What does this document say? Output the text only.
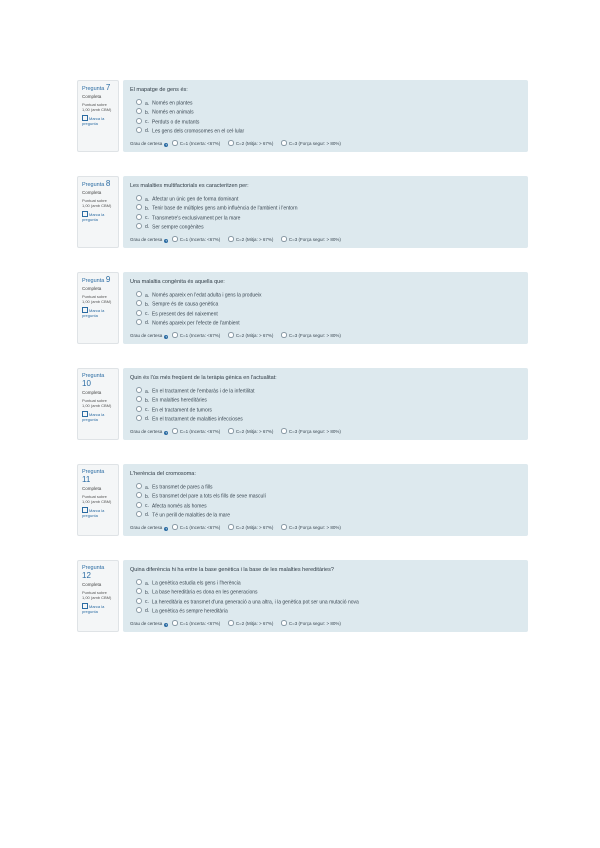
Pregunta 7
Completa
Puntuat sobre 1,00 (amb CBM)
Marca la pregunta

El mapatge de gens és:

a. Només en plantes
b. Només en animals
c. Perduts o de mutants
d. Les gens dels cromosomes en el cel·lular
Grau de certesa ?	C=1 (Incerta: <67%)	C=2 (Mitja: > 67%)	C=3 (Força segur: > 80%)
Pregunta 8
Completa
Puntuat sobre 1,00 (amb CBM)
Marca la pregunta

Les malalties multifactorials es caracteritzen per:

a. Afectar un únic gen de forma dominant
b. Tenir base de múltiples gens amb influència de l'ambient i l'entorn
c. Transmetre's exclusivament per la mare
d. Ser sempre congènites
Grau de certesa ?	C=1 (Incerta: <67%)	C=2 (Mitja: > 67%)	C=3 (Força segur: > 80%)
Pregunta 9
Completa
Puntuat sobre 1,00 (amb CBM)
Marca la pregunta

Una malaltia congènita és aquella que:

a. Només apareix en l'edat adulta i gens la produeix
b. Sempre és de causa genètica
c. Es present des del naixement
d. Només apareix per l'efecte de l'ambient
Grau de certesa ?	C=1 (Incerta: <67%)	C=2 (Mitja: > 67%)	C=3 (Força segur: > 80%)
Pregunta 10
Completa
Puntuat sobre 1,00 (amb CBM)
Marca la pregunta

Quin és l'ús més freqüent de la teràpia gènica en l'actualitat:

a. En el tractament de l'embaràs i de la infertilitat
b. En malalties hereditàries
c. En el tractament de tumors
d. En el tractament de malalties infeccioses
Grau de certesa ?	C=1 (Incerta: <67%)	C=2 (Mitja: > 67%)	C=3 (Força segur: > 80%)
Pregunta 11
Completa
Puntuat sobre 1,00 (amb CBM)
Marca la pregunta

L'herència del cromosoma:

a. Es transmet de pares a fills
b. Es transmet del pare a tots els fills de sexe masculí
c. Afecta només als homes
d. Té un perill de malalties de la mare
Grau de certesa ?	C=1 (Incerta: <67%)	C=2 (Mitja: > 67%)	C=3 (Força segur: > 80%)
Pregunta 12
Completa
Puntuat sobre 1,00 (amb CBM)
Marca la pregunta

Quina diferència hi ha entre la base genètica i la base de les malalties hereditàries?

a. La genètica estudia els gens i l'herència
b. La base hereditària es dona en les generacions
c. La hereditària es transmet d'una generació a una altra, i la genètica pot ser una mutació nova
d. La genètica és sempre hereditària
Grau de certesa ?	C=1 (Incerta: <67%)	C=2 (Mitja: > 67%)	C=3 (Força segur: > 80%)
